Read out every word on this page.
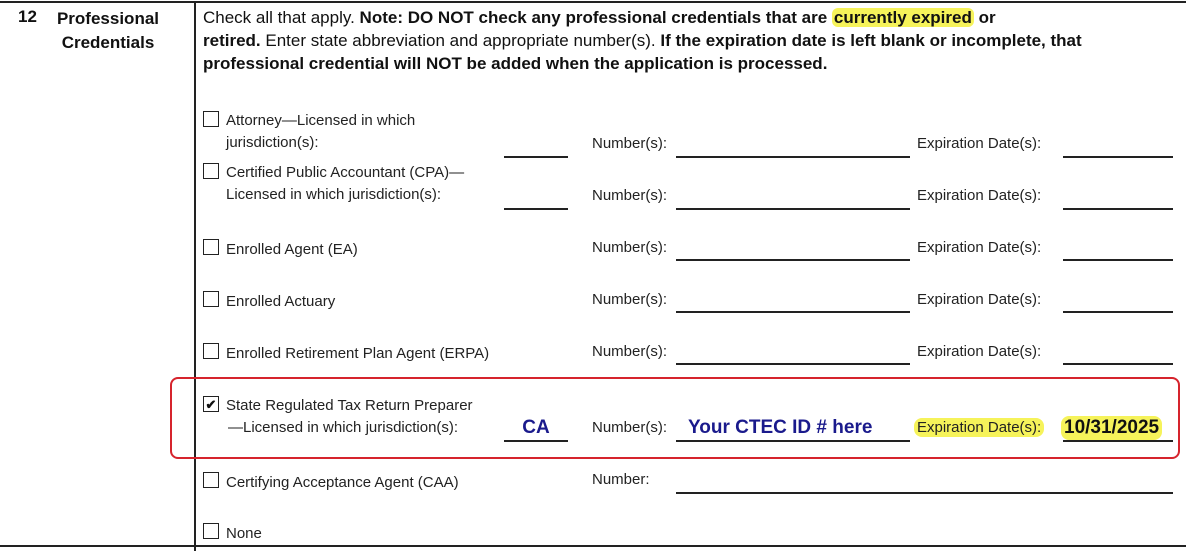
12	Professional
Credentials
Check all that apply. Note: DO NOT check any professional credentials that are currently expired or
retired. Enter state abbreviation and appropriate number(s). If the expiration date is left blank or incomplete, that professional credential will NOT be added when the application is processed.
Attorney—Licensed in which
jurisdiction(s):	Number(s):	Expiration Date(s):
Certified Public Accountant (CPA)—
Licensed in which jurisdiction(s):	Number(s):	Expiration Date(s):
Enrolled Agent (EA)	Number(s):	Expiration Date(s):
Enrolled Actuary	Number(s):	Expiration Date(s):
Enrolled Retirement Plan Agent (ERPA)	Number(s):	Expiration Date(s):
✔ State Regulated Tax Return Preparer
—Licensed in which jurisdiction(s):	CA	Number(s): Your CTEC ID # here	Expiration Date(s): 10/31/2025
Certifying Acceptance Agent (CAA)	Number:
None
